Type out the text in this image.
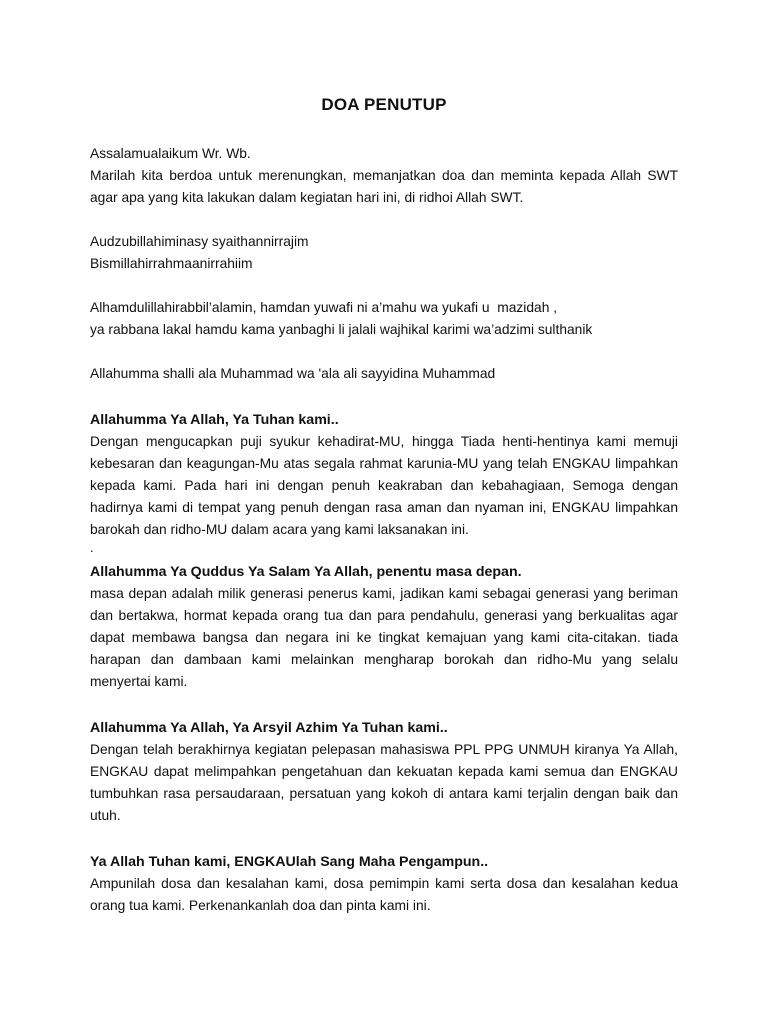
DOA PENUTUP

Assalamualaikum Wr. Wb.

Marilah kita berdoa untuk merenungkan, memanjatkan doa dan meminta kepada Allah SWT agar apa yang kita lakukan dalam kegiatan hari ini, di ridhoi Allah SWT.

Audzubillahiminasy syaithannirrajim

Bismillahirrahmaanirrahiim

Alhamdulillahirabbil’alamin, hamdan yuwafi ni a’mahu wa yukafi u  mazidah ,

ya rabbana lakal hamdu kama yanbaghi li jalali wajhikal karimi wa’adzimi sulthanik

Allahumma shalli ala Muhammad wa 'ala ali sayyidina Muhammad

Allahumma Ya Allah, Ya Tuhan kami..

Dengan mengucapkan puji syukur kehadirat-MU, hingga Tiada henti-hentinya kami memuji kebesaran dan keagungan-Mu atas segala rahmat karunia-MU yang telah ENGKAU limpahkan kepada kami. Pada hari ini dengan penuh keakraban dan kebahagiaan, Semoga dengan hadirnya kami di tempat yang penuh dengan rasa aman dan nyaman ini, ENGKAU limpahkan barokah dan ridho-MU dalam acara yang kami laksanakan ini.

.

Allahumma Ya Quddus Ya Salam Ya Allah, penentu masa depan.

masa depan adalah milik generasi penerus kami, jadikan kami sebagai generasi yang beriman dan bertakwa, hormat kepada orang tua dan para pendahulu, generasi yang berkualitas agar dapat membawa bangsa dan negara ini ke tingkat kemajuan yang kami cita-citakan. tiada harapan dan dambaan kami melainkan mengharap borokah dan ridho-Mu yang selalu menyertai kami.

Allahumma Ya Allah, Ya Arsyil Azhim Ya Tuhan kami..

Dengan telah berakhirnya kegiatan pelepasan mahasiswa PPL PPG UNMUH kiranya Ya Allah, ENGKAU dapat melimpahkan pengetahuan dan kekuatan kepada kami semua dan ENGKAU tumbuhkan rasa persaudaraan, persatuan yang kokoh di antara kami terjalin dengan baik dan utuh.

Ya Allah Tuhan kami, ENGKAUlah Sang Maha Pengampun..

Ampunilah dosa dan kesalahan kami, dosa pemimpin kami serta dosa dan kesalahan kedua orang tua kami. Perkenankanlah doa dan pinta kami ini.
